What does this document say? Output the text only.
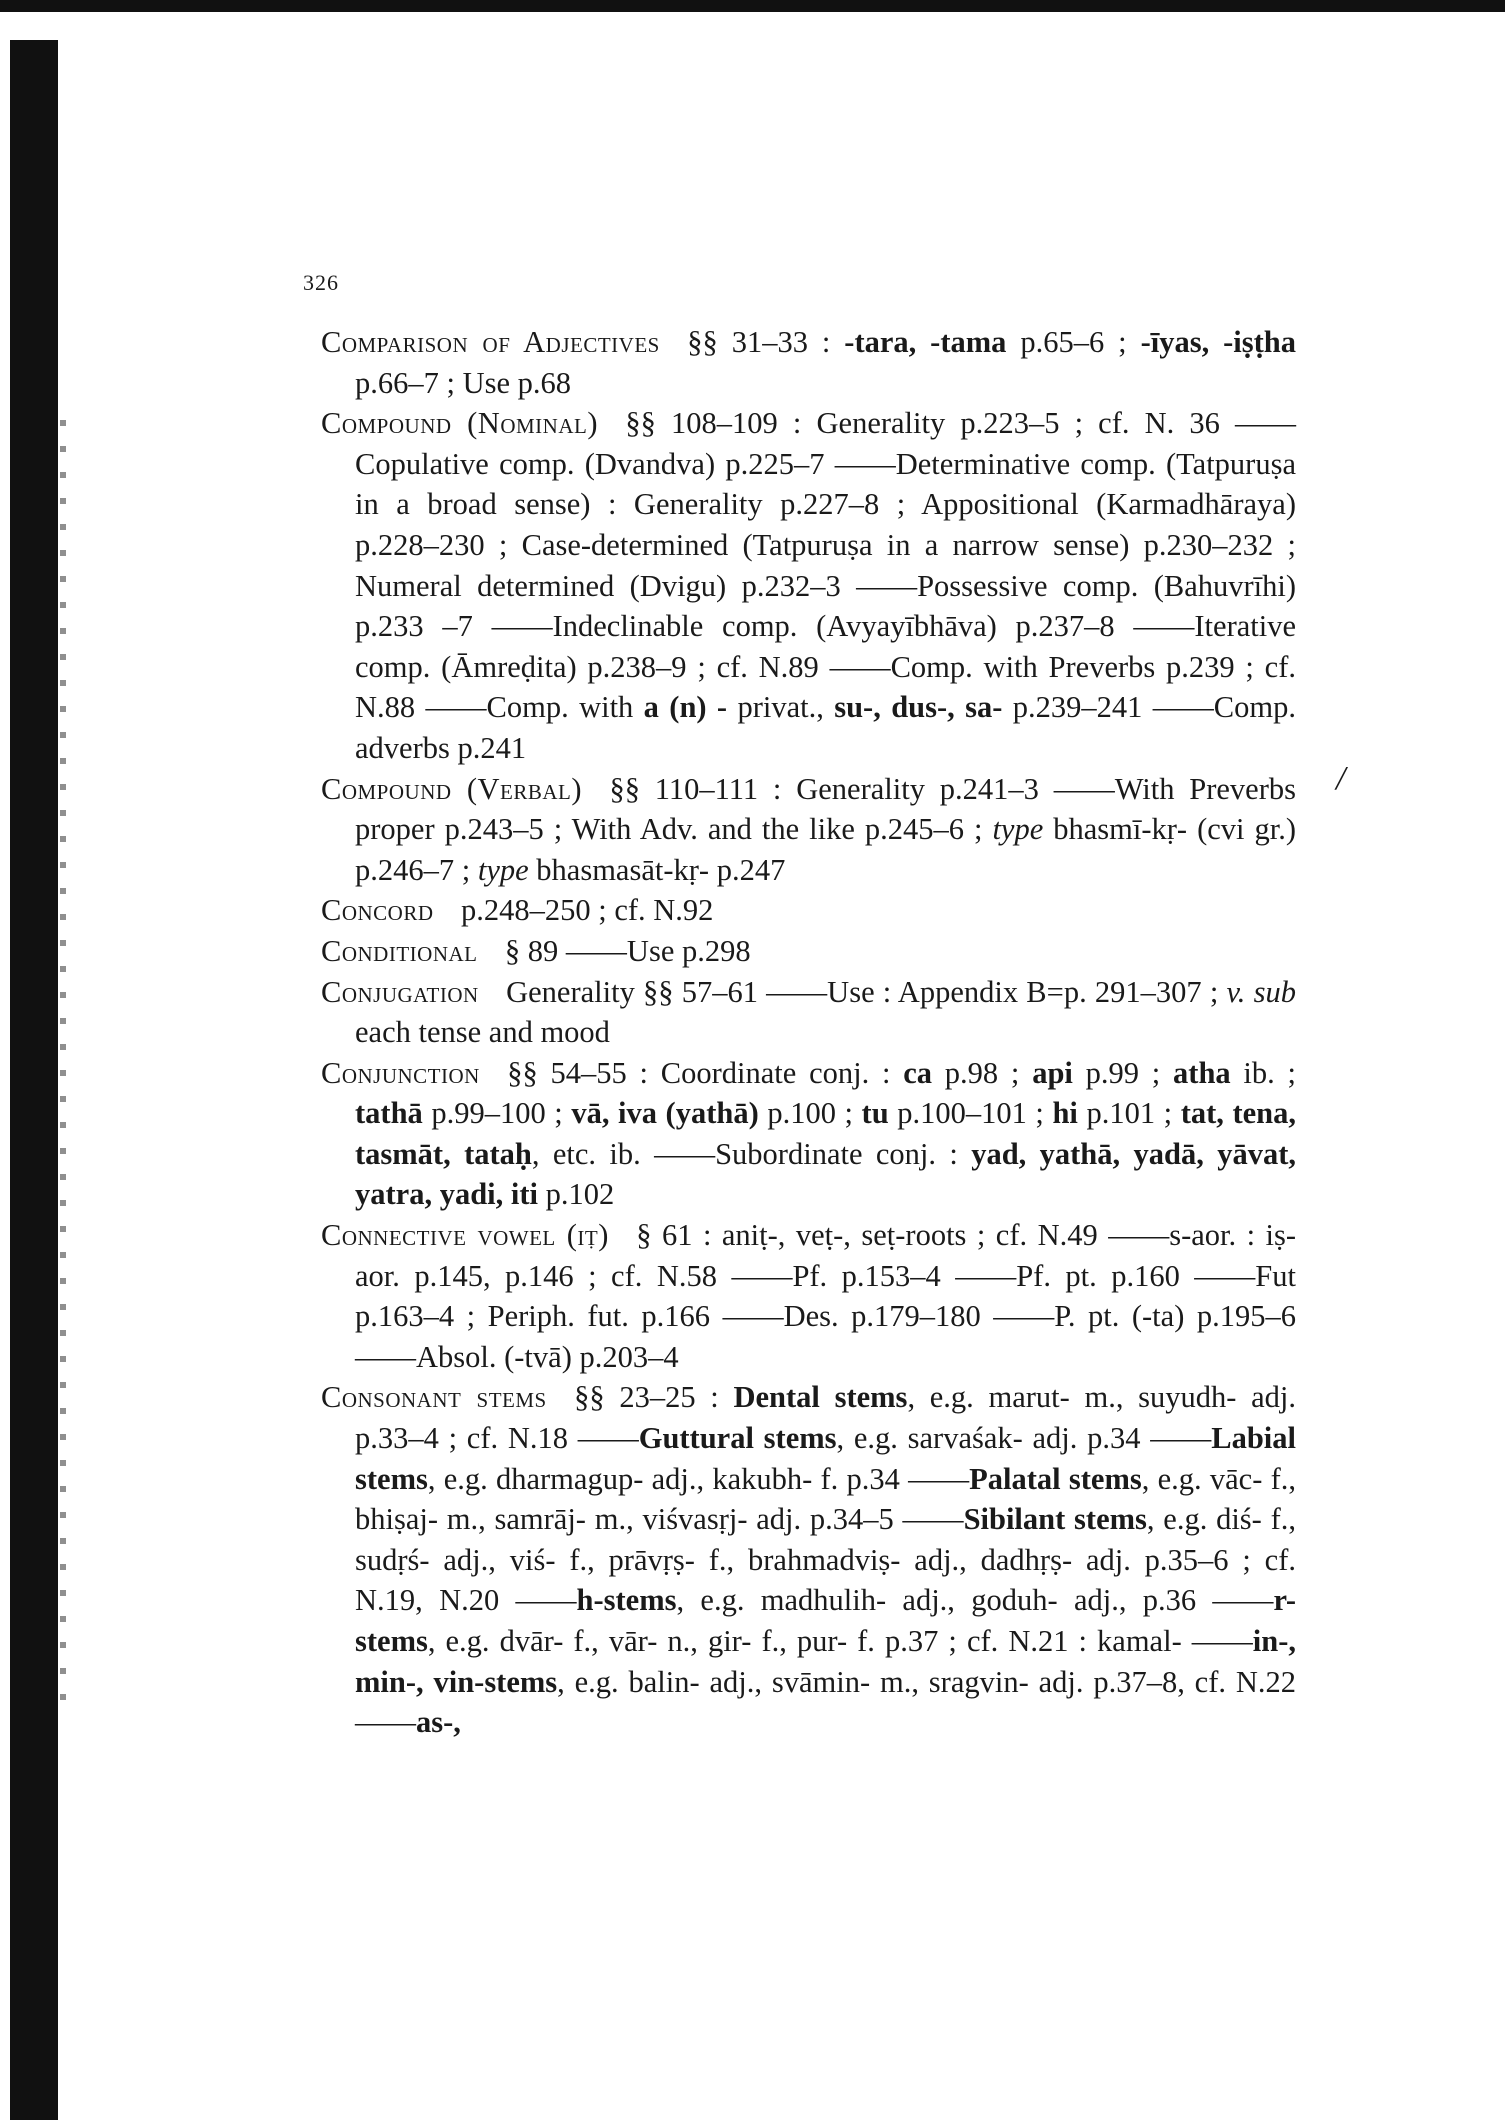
326
/

Comparison of Adjectives §§ 31–33 : -tara, -tama p.65–6 ; -īyas, -iṣṭha p.66–7 ; Use p.68

Compound (Nominal) §§ 108–109 : Generality p.223–5 ; cf. N. 36 ——Copulative comp. (Dvandva) p.225–7 ——Determinative comp. (Tatpuruṣa in a broad sense) : Generality p.227–8 ; Appositional (Karmadhāraya) p.228–230 ; Case-determined (Tatpuruṣa in a narrow sense) p.230–232 ; Numeral determined (Dvigu) p.232–3 ——Possessive comp. (Bahuvrīhi) p.233 –7 ——Indeclinable comp. (Avyayībhāva) p.237–8 ——Iterative comp. (Āmreḍita) p.238–9 ; cf. N.89 ——Comp. with Preverbs p.239 ; cf. N.88 ——Comp. with a (n) - privat., su-, dus-, sa- p.239–241 ——Comp. adverbs p.241

Compound (Verbal) §§ 110–111 : Generality p.241–3 ——With Preverbs proper p.243–5 ; With Adv. and the like p.245–6 ; type bhasmī-kṛ- (cvi gr.) p.246–7 ; type bhasmasāt-kṛ- p.247

Concord p.248–250 ; cf. N.92

Conditional § 89 ——Use p.298

Conjugation Generality §§ 57–61 ——Use : Appendix B=p. 291–307 ; v. sub each tense and mood

Conjunction §§ 54–55 : Coordinate conj. : ca p.98 ; api p.99 ; atha ib. ; tathā p.99–100 ; vā, iva (yathā) p.100 ; tu p.100–101 ; hi p.101 ; tat, tena, tasmāt, tataḥ, etc. ib. ——Subordinate conj. : yad, yathā, yadā, yāvat, yatra, yadi, iti p.102

Connective vowel (iṭ) § 61 : aniṭ-, veṭ-, seṭ-roots ; cf. N.49 ——s-aor. : iṣ-aor. p.145, p.146 ; cf. N.58 ——Pf. p.153–4 ——Pf. pt. p.160 ——Fut p.163–4 ; Periph. fut. p.166 ——Des. p.179–180 ——P. pt. (-ta) p.195–6 ——Absol. (-tvā) p.203–4

Consonant stems §§ 23–25 : Dental stems, e.g. marut- m., suyudh- adj. p.33–4 ; cf. N.18 ——Guttural stems, e.g. sarvaśak- adj. p.34 ——Labial stems, e.g. dharmagup- adj., kakubh- f. p.34 ——Palatal stems, e.g. vāc- f., bhiṣaj- m., samrāj- m., viśvasṛj- adj. p.34–5 ——Sibilant stems, e.g. diś- f., sudṛś- adj., viś- f., prāvṛṣ- f., brahmadviṣ- adj., dadhṛṣ- adj. p.35–6 ; cf. N.19, N.20 ——h-stems, e.g. madhulih- adj., goduh- adj., p.36 ——r-stems, e.g. dvār- f., vār- n., gir- f., pur- f. p.37 ; cf. N.21 : kamal- ——in-, min-, vin-stems, e.g. balin- adj., svāmin- m., sragvin- adj. p.37–8, cf. N.22 ——as-,
